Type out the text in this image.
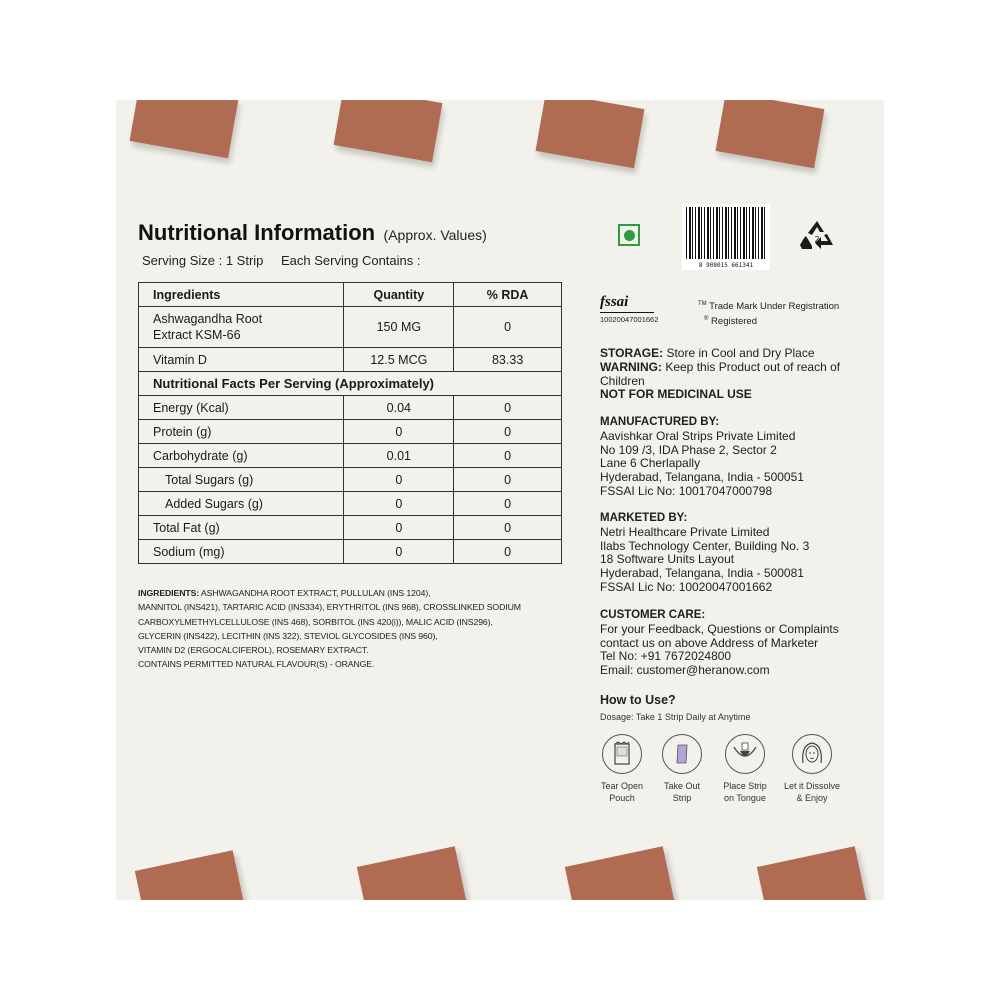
Nutritional Information (Approx. Values)
Serving Size : 1 Strip Each Serving Contains :
Ingredients	Quantity	% RDA
Ashwagandha Root
Extract KSM-66	150 MG	0
Vitamin D	12.5 MCG	83.33
Nutritional Facts Per Serving (Approximately)		
Energy (Kcal)	0.04	0
Protein (g)	0	0
Carbohydrate (g)	0.01	0
Total Sugars (g)	0	0
Added Sugars (g)	0	0
Total Fat (g)	0	0
Sodium (mg)	0	0
INGREDIENTS: ASHWAGANDHA ROOT EXTRACT, PULLULAN (INS 1204),
MANNITOL (INS421), TARTARIC ACID (INS334), ERYTHRITOL (INS 968), CROSSLINKED SODIUM
CARBOXYLMETHYLCELLULOSE (INS 468), SORBITOL (INS 420(i)), MALIC ACID (INS296),
GLYCERIN (INS422), LECITHIN (INS 322), STEVIOL GLYCOSIDES (INS 960),
VITAMIN D2 (ERGOCALCIFEROL), ROSEMARY EXTRACT.
CONTAINS PERMITTED NATURAL FLAVOUR(S) - ORANGE.
8 908015 661341
2
fssai
10020047001662
™ Trade Mark Under Registration
® Registered
STORAGE: Store in Cool and Dry Place
WARNING: Keep this Product out of reach of Children
NOT FOR MEDICINAL USE
MANUFACTURED BY:
Aavishkar Oral Strips Private Limited
No 109 /3, IDA Phase 2, Sector 2
Lane 6 Cherlapally
Hyderabad, Telangana, India - 500051
FSSAI Lic No: 10017047000798
MARKETED BY:
Netri Healthcare Private Limited
Ilabs Technology Center, Building No. 3
18 Software Units Layout
Hyderabad, Telangana, India - 500081
FSSAI Lic No: 10020047001662
CUSTOMER CARE:
For your Feedback, Questions or Complaints
contact us on above Address of Marketer
Tel No: +91 7672024800
Email: customer@heranow.com
How to Use?
Dosage: Take 1 Strip Daily at Anytime
Tear Open
Pouch
Take Out
Strip
Place Strip
on Tongue
Let it Dissolve
& Enjoy
